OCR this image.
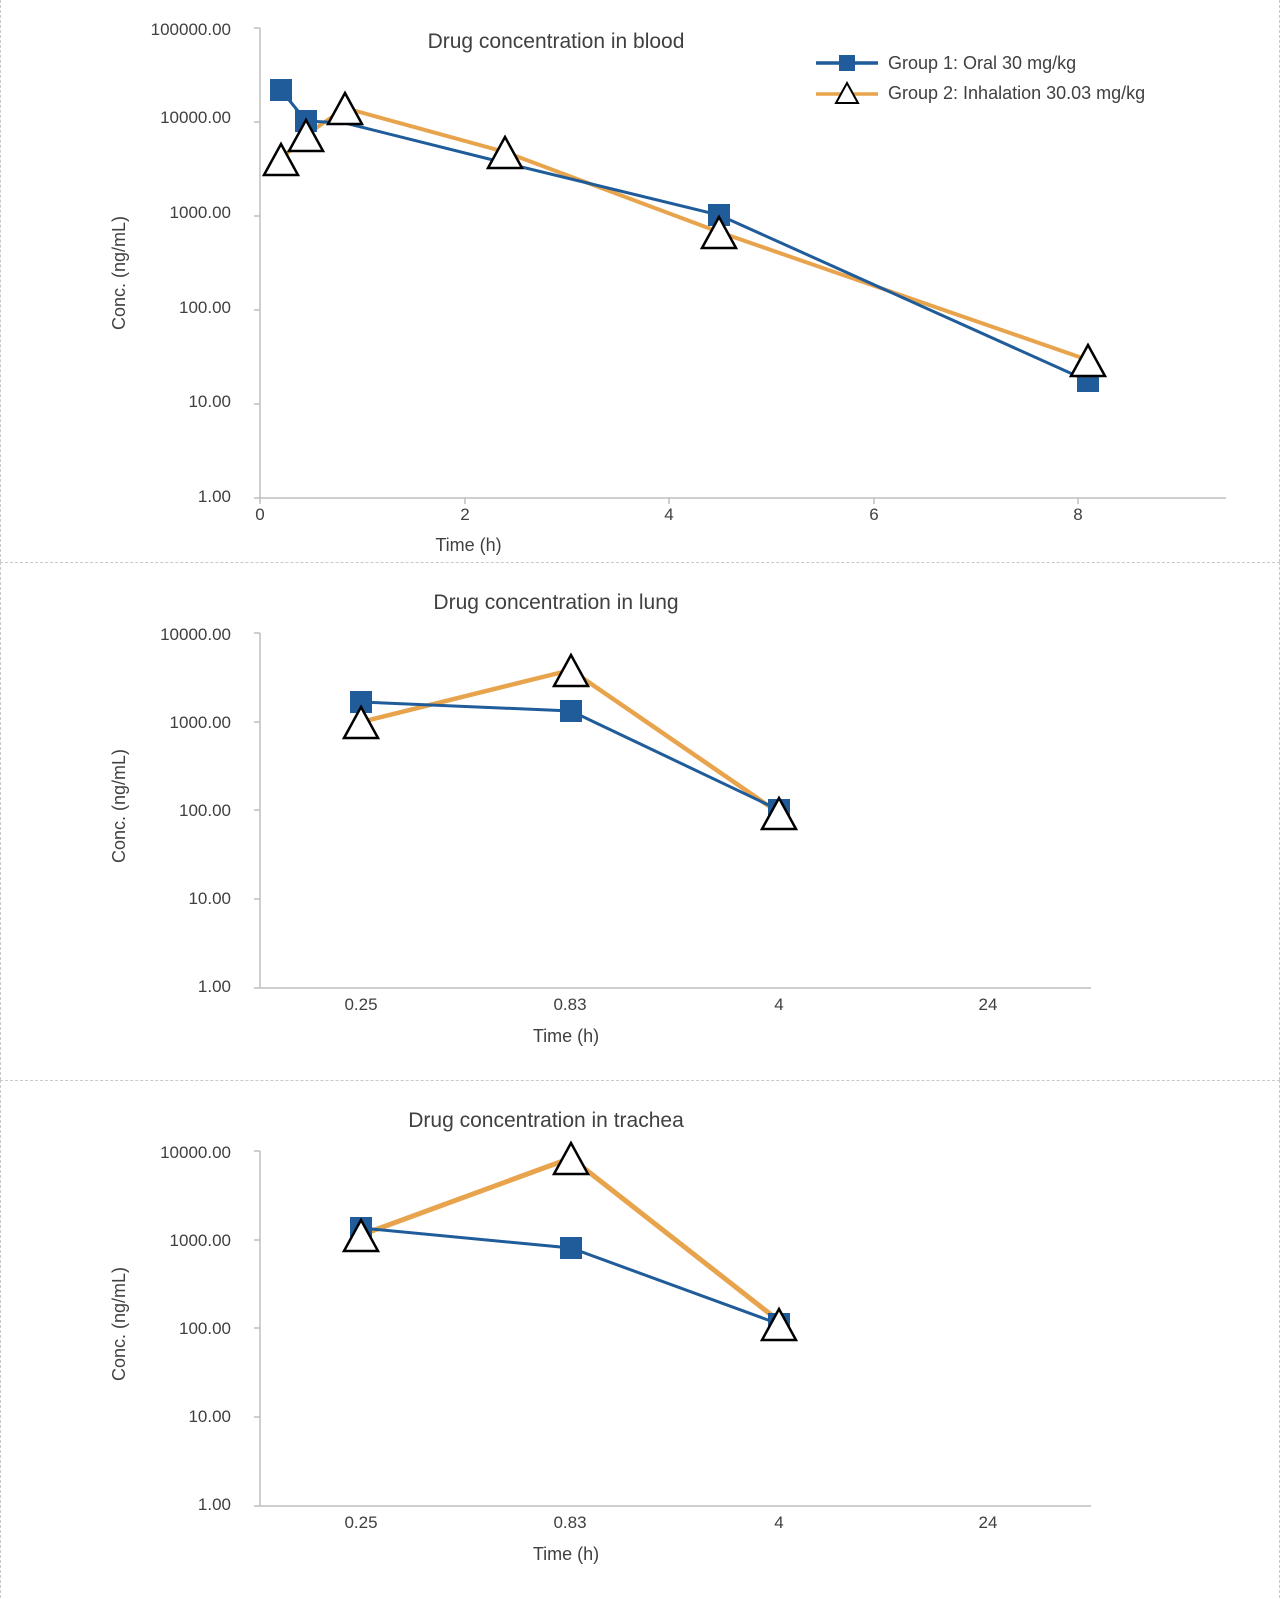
Drug concentration in blood
Group 1: Oral 30 mg/kg
Group 2: Inhalation 30.03 mg/kg
100000.00
10000.00
1000.00
100.00
10.00
1.00
0	2	4	6	8
Time (h)
Conc. (ng/mL)
Drug concentration in lung
10000.00
1000.00
100.00
10.00
1.00
0.25	0.83	4	24
Time (h)
Conc. (ng/mL)
Drug concentration in trachea
10000.00
1000.00
100.00
10.00
1.00
0.25	0.83	4	24
Time (h)
Conc. (ng/mL)
